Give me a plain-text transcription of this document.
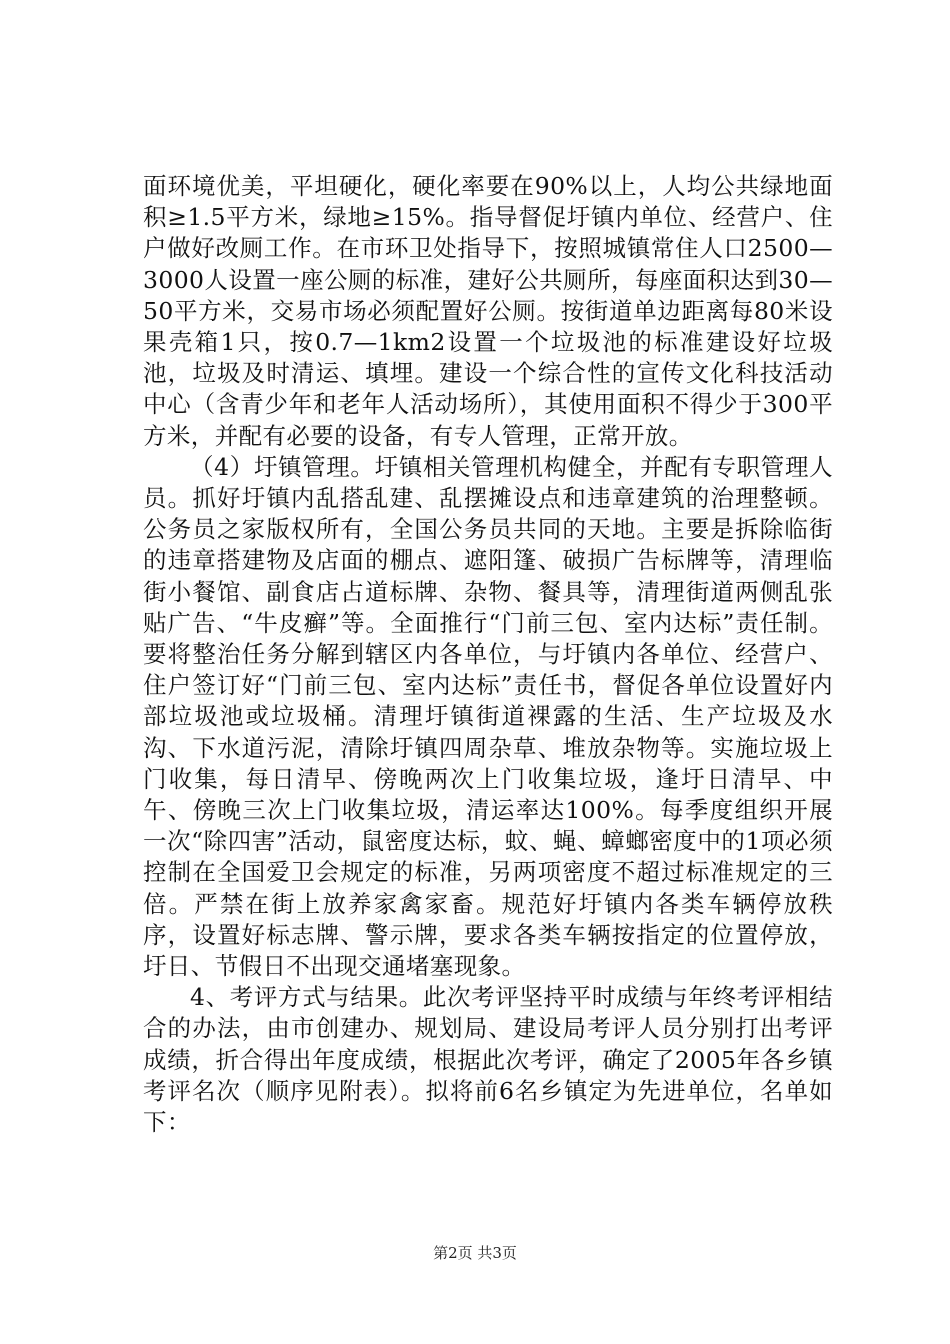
面环境优美，平坦硬化，硬化率要在90%以上，人均公共绿地面积≥1.5平方米，绿地≥15%。指导督促圩镇内单位、经营户、住户做好改厕工作。在市环卫处指导下，按照城镇常住人口2500—3000人设置一座公厕的标准，建好公共厕所，每座面积达到30—50平方米，交易市场必须配置好公厕。按街道单边距离每80米设果壳箱1只，按0.7—1km2设置一个垃圾池的标准建设好垃圾池，垃圾及时清运、填埋。建设一个综合性的宣传文化科技活动中心（含青少年和老年人活动场所），其使用面积不得少于300平方米，并配有必要的设备，有专人管理，正常开放。

（4）圩镇管理。圩镇相关管理机构健全，并配有专职管理人员。抓好圩镇内乱搭乱建、乱摆摊设点和违章建筑的治理整顿。公务员之家版权所有，全国公务员共同的天地。主要是拆除临街的违章搭建物及店面的棚点、遮阳篷、破损广告标牌等，清理临街小餐馆、副食店占道标牌、杂物、餐具等，清理街道两侧乱张贴广告、“牛皮癣”等。全面推行“门前三包、室内达标”责任制。要将整治任务分解到辖区内各单位，与圩镇内各单位、经营户、住户签订好“门前三包、室内达标”责任书，督促各单位设置好内部垃圾池或垃圾桶。清理圩镇街道裸露的生活、生产垃圾及水沟、下水道污泥，清除圩镇四周杂草、堆放杂物等。实施垃圾上门收集，每日清早、傍晚两次上门收集垃圾，逢圩日清早、中午、傍晚三次上门收集垃圾，清运率达100%。每季度组织开展一次“除四害”活动，鼠密度达标，蚊、蝇、蟑螂密度中的1项必须控制在全国爱卫会规定的标准，另两项密度不超过标准规定的三倍。严禁在街上放养家禽家畜。规范好圩镇内各类车辆停放秩序，设置好标志牌、警示牌，要求各类车辆按指定的位置停放，圩日、节假日不出现交通堵塞现象。

4、考评方式与结果。此次考评坚持平时成绩与年终考评相结合的办法，由市创建办、规划局、建设局考评人员分别打出考评成绩，折合得出年度成绩，根据此次考评，确定了2005年各乡镇考评名次（顺序见附表）。拟将前6名乡镇定为先进单位，名单如下：

第2页 共3页
